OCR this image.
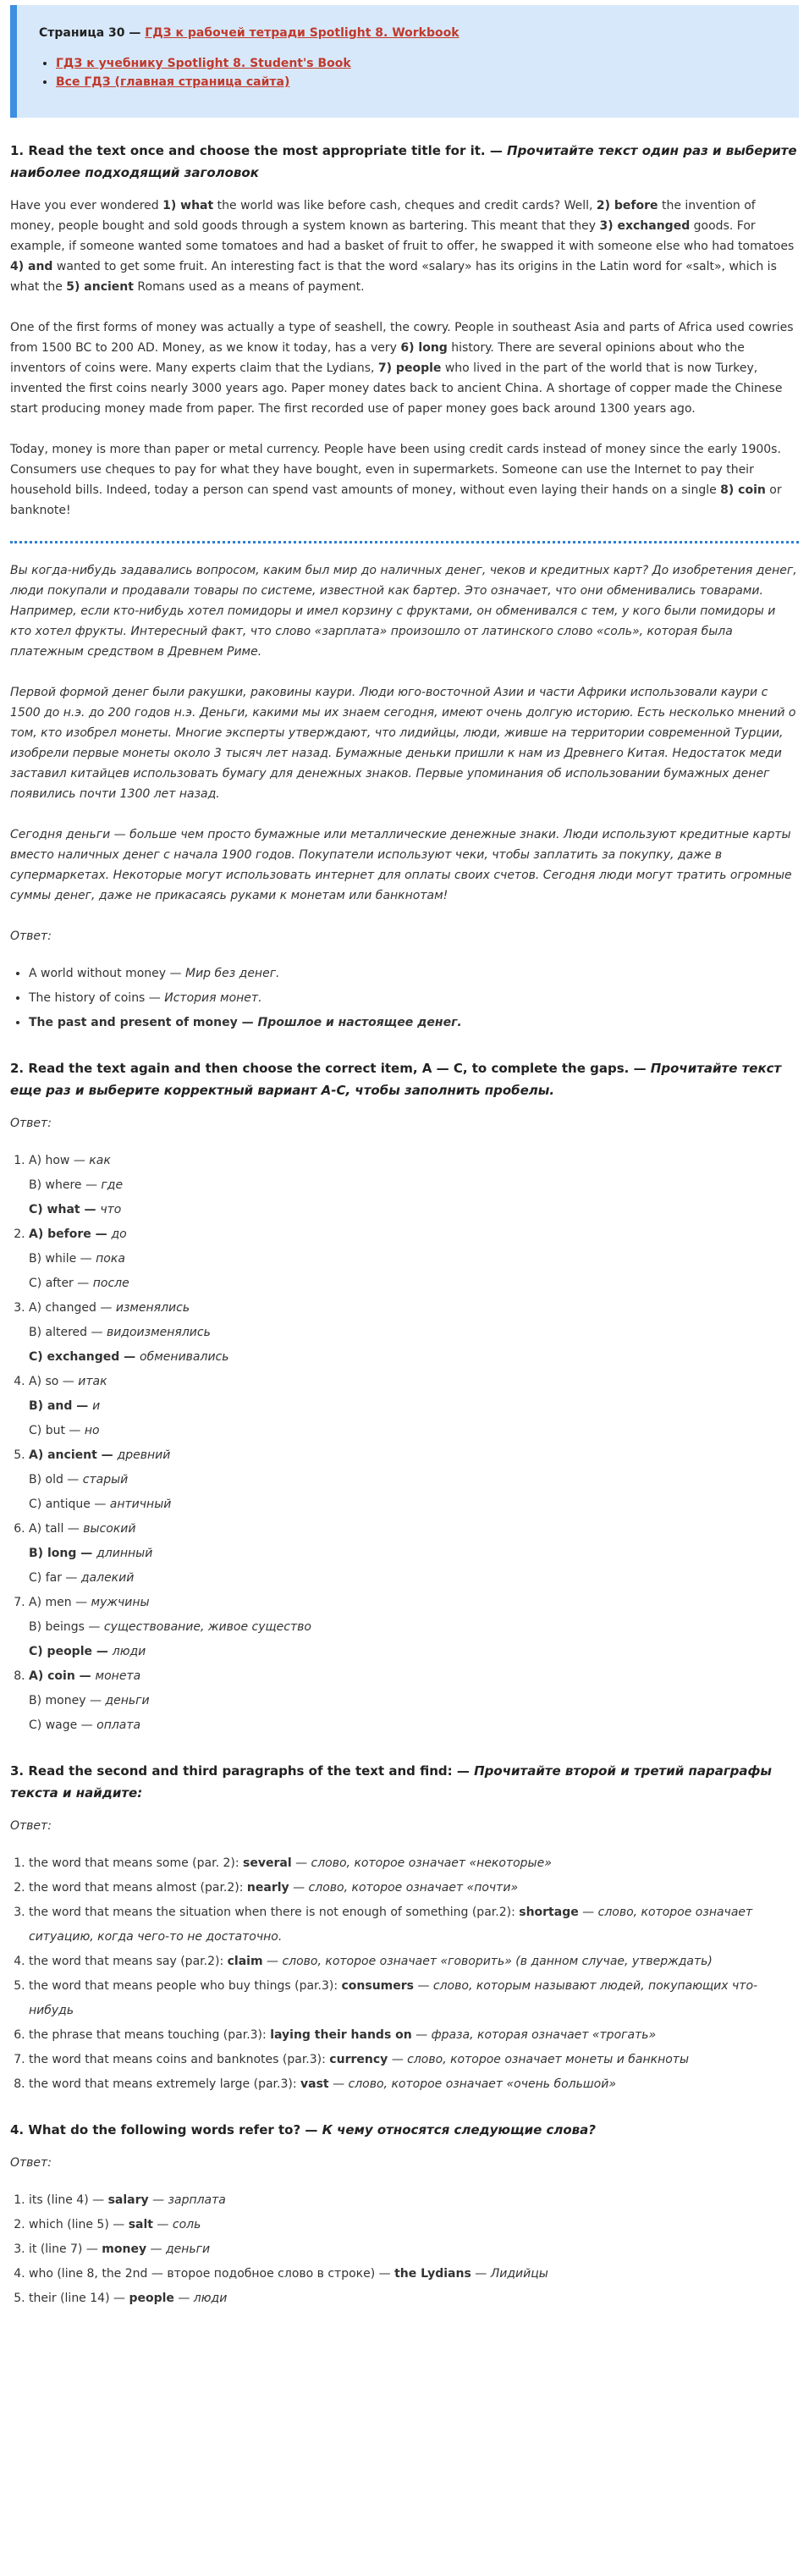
Страница 30 — ГДЗ к рабочей тетради Spotlight 8. Workbook
• ГДЗ к учебнику Spotlight 8. Student's Book
• Все ГДЗ (главная страница сайта)
1. Read the text once and choose the most appropriate title for it. — Прочитайте текст один раз и выберите наиболее подходящий заголовок

Have you ever wondered 1) what the world was like before cash, cheques and credit cards? Well, 2) before the invention of money, people bought and sold goods through a system known as bartering. This meant that they 3) exchanged goods. For example, if someone wanted some tomatoes and had a basket of fruit to offer, he swapped it with someone else who had tomatoes 4) and wanted to get some fruit. An interesting fact is that the word «salary» has its origins in the Latin word for «salt», which is what the 5) ancient Romans used as a means of payment.

One of the first forms of money was actually a type of seashell, the cowry. People in southeast Asia and parts of Africa used cowries from 1500 BC to 200 AD. Money, as we know it today, has a very 6) long history. There are several opinions about who the inventors of coins were. Many experts claim that the Lydians, 7) people who lived in the part of the world that is now Turkey, invented the first coins nearly 3000 years ago. Paper money dates back to ancient China. A shortage of copper made the Chinese start producing money made from paper. The first recorded use of paper money goes back around 1300 years ago.

Today, money is more than paper or metal currency. People have been using credit cards instead of money since the early 1900s. Consumers use cheques to pay for what they have bought, even in supermarkets. Someone can use the Internet to pay their household bills. Indeed, today a person can spend vast amounts of money, without even laying their hands on a single 8) coin or banknote!

Вы когда-нибудь задавались вопросом, каким был мир до наличных денег, чеков и кредитных карт? До изобретения денег, люди покупали и продавали товары по системе, известной как бартер. Это означает, что они обменивались товарами. Например, если кто-нибудь хотел помидоры и имел корзину с фруктами, он обменивался с тем, у кого были помидоры и кто хотел фрукты. Интересный факт, что слово «зарплата» произошло от латинского слово «соль», которая была платежным средством в Древнем Риме.

Первой формой денег были ракушки, раковины каури. Люди юго-восточной Азии и части Африки использовали каури с 1500 до н.э. до 200 годов н.э. Деньги, какими мы их знаем сегодня, имеют очень долгую историю. Есть несколько мнений о том, кто изобрел монеты. Многие эксперты утверждают, что лидийцы, люди, живше на территории современной Турции, изобрели первые монеты около 3 тысяч лет назад. Бумажные деньки пришли к нам из Древнего Китая. Недостаток меди заставил китайцев использовать бумагу для денежных знаков. Первые упоминания об использовании бумажных денег появились почти 1300 лет назад.

Сегодня деньги — больше чем просто бумажные или металлические денежные знаки. Люди используют кредитные карты вместо наличных денег с начала 1900 годов. Покупатели используют чеки, чтобы заплатить за покупку, даже в супермаркетах. Некоторые могут использовать интернет для оплаты своих счетов. Сегодня люди могут тратить огромные суммы денег, даже не прикасаясь руками к монетам или банкнотам!

Ответ:

• A world without money — Мир без денег.
• The history of coins — История монет.
• The past and present of money — Прошлое и настоящее денег.
2. Read the text again and then choose the correct item, A — C, to complete the gaps. — Прочитайте текст еще раз и выберите корректный вариант A-C, чтобы заполнить пробелы.

Ответ:

1. A) how — как
B) where — где
C) what — что
2. A) before — до
B) while — пока
C) after — после
3. A) changed — изменялись
B) altered — видоизменялись
C) exchanged — обменивались
4. A) so — итак
B) and — и
C) but — но
5. A) ancient — древний
B) old — старый
C) antique — античный
6. A) tall — высокий
B) long — длинный
C) far — далекий
7. A) men — мужчины
B) beings — существование, живое существо
C) people — люди
8. A) coin — монета
B) money — деньги
C) wage — оплата
3. Read the second and third paragraphs of the text and find: — Прочитайте второй и третий параграфы текста и найдите:

Ответ:

1. the word that means some (par. 2): several — слово, которое означает «некоторые»
2. the word that means almost (par.2): nearly — слово, которое означает «почти»
3. the word that means the situation when there is not enough of something (par.2): shortage — слово, которое означает ситуацию, когда чего-то не достаточно.
4. the word that means say (par.2): claim — слово, которое означает «говорить» (в данном случае, утверждать)
5. the word that means people who buy things (par.3): consumers — слово, которым называют людей, покупающих что-нибудь
6. the phrase that means touching (par.3): laying their hands on — фраза, которая означает «трогать»
7. the word that means coins and banknotes (par.3): currency — слово, которое означает монеты и банкноты
8. the word that means extremely large (par.3): vast — слово, которое означает «очень большой»
4. What do the following words refer to? — К чему относятся следующие слова?

Ответ:

1. its (line 4) — salary — зарплата
2. which (line 5) — salt — соль
3. it (line 7) — money — деньги
4. who (line 8, the 2nd — второе подобное слово в строке) — the Lydians — Лидийцы
5. their (line 14) — people — люди
